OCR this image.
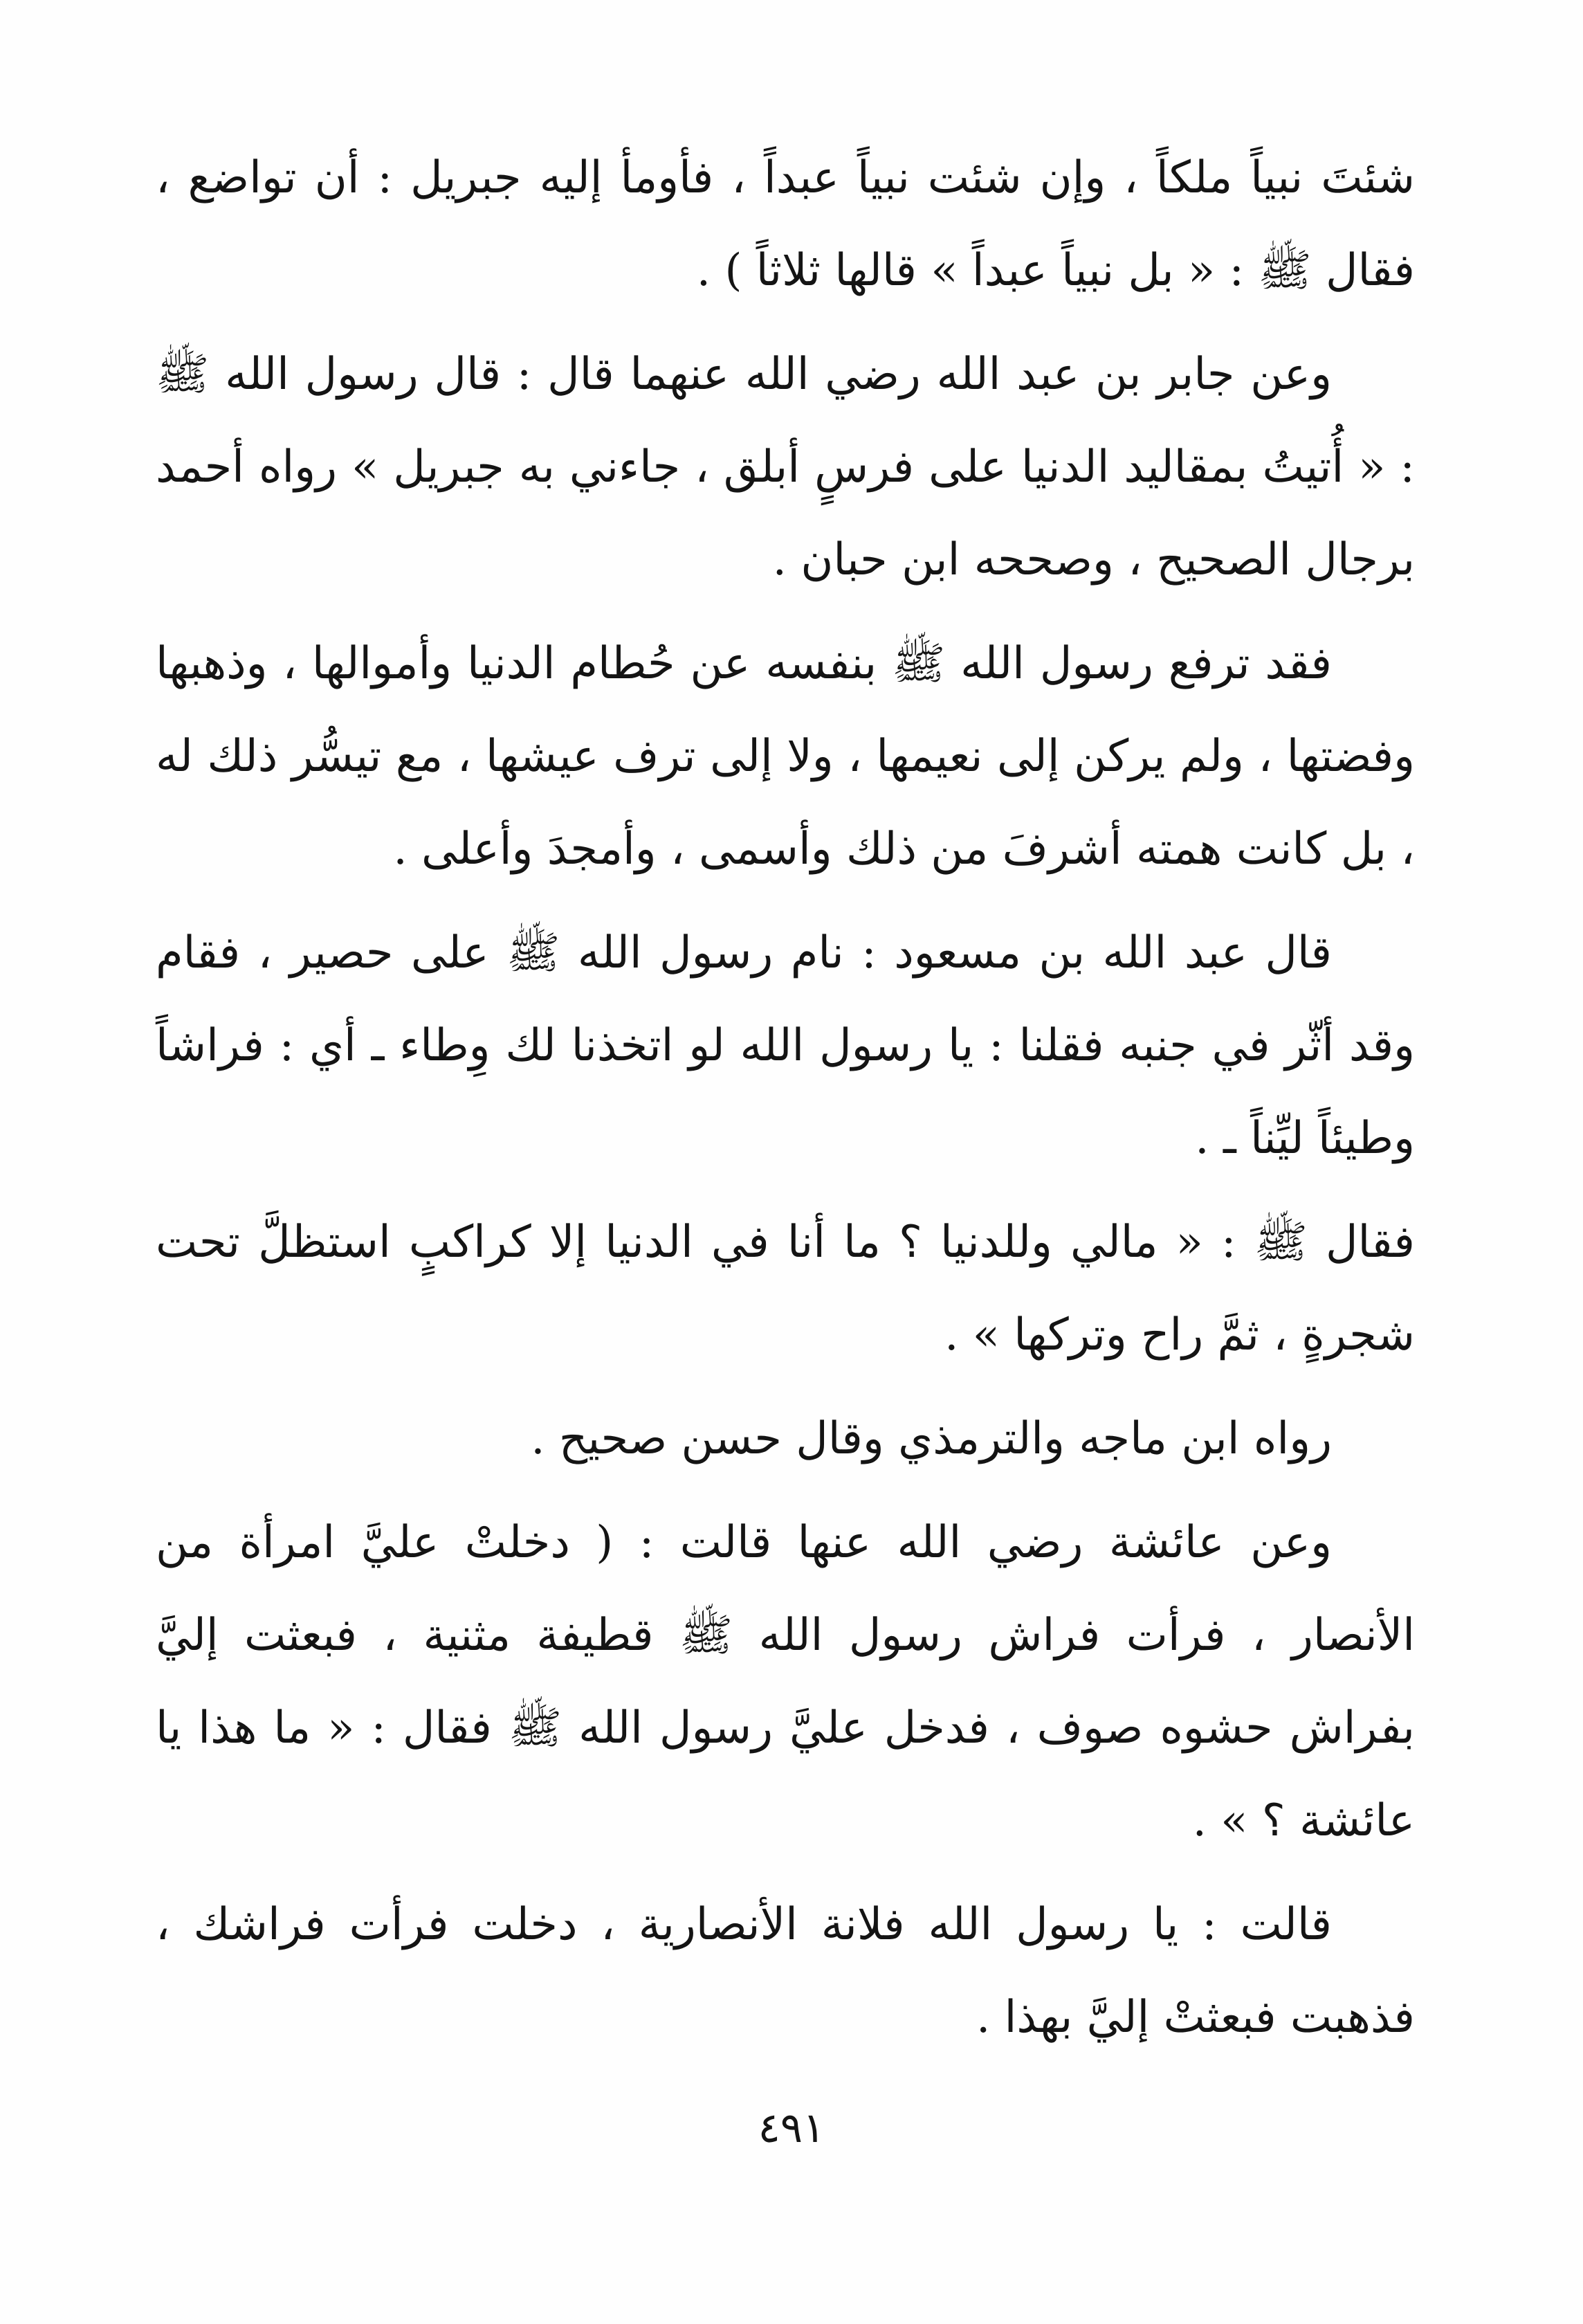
شئتَ نبياً ملكاً ، وإن شئت نبياً عبداً ، فأومأ إليه جبريل : أن تواضع ، فقال ﷺ : « بل نبياً عبداً » قالها ثلاثاً ) .

وعن جابر بن عبد الله رضي الله عنهما قال : قال رسول الله ﷺ : « أُتيتُ بمقاليد الدنيا على فرسٍ أبلق ، جاءني به جبريل » رواه أحمد برجال الصحيح ، وصححه ابن حبان .

فقد ترفع رسول الله ﷺ بنفسه عن حُطام الدنيا وأموالها ، وذهبها وفضتها ، ولم يركن إلى نعيمها ، ولا إلى ترف عيشها ، مع تيسُّر ذلك له ، بل كانت همته أشرفَ من ذلك وأسمى ، وأمجدَ وأعلى .

قال عبد الله بن مسعود : نام رسول الله ﷺ على حصير ، فقام وقد أثّر في جنبه فقلنا : يا رسول الله لو اتخذنا لك وِطاء ـ أي : فراشاً وطيئاً ليِّناً ـ .

فقال ﷺ : « مالي وللدنيا ؟ ما أنا في الدنيا إلا كراكبٍ استظلَّ تحت شجرةٍ ، ثمَّ راح وتركها » .

رواه ابن ماجه والترمذي وقال حسن صحيح .

وعن عائشة رضي الله عنها قالت : ( دخلتْ عليَّ امرأة من الأنصار ، فرأت فراش رسول الله ﷺ قطيفة مثنية ، فبعثت إليَّ بفراش حشوه صوف ، فدخل عليَّ رسول الله ﷺ فقال : « ما هذا يا عائشة ؟ » .

قالت : يا رسول الله فلانة الأنصارية ، دخلت فرأت فراشك ، فذهبت فبعثتْ إليَّ بهذا .

٤٩١
